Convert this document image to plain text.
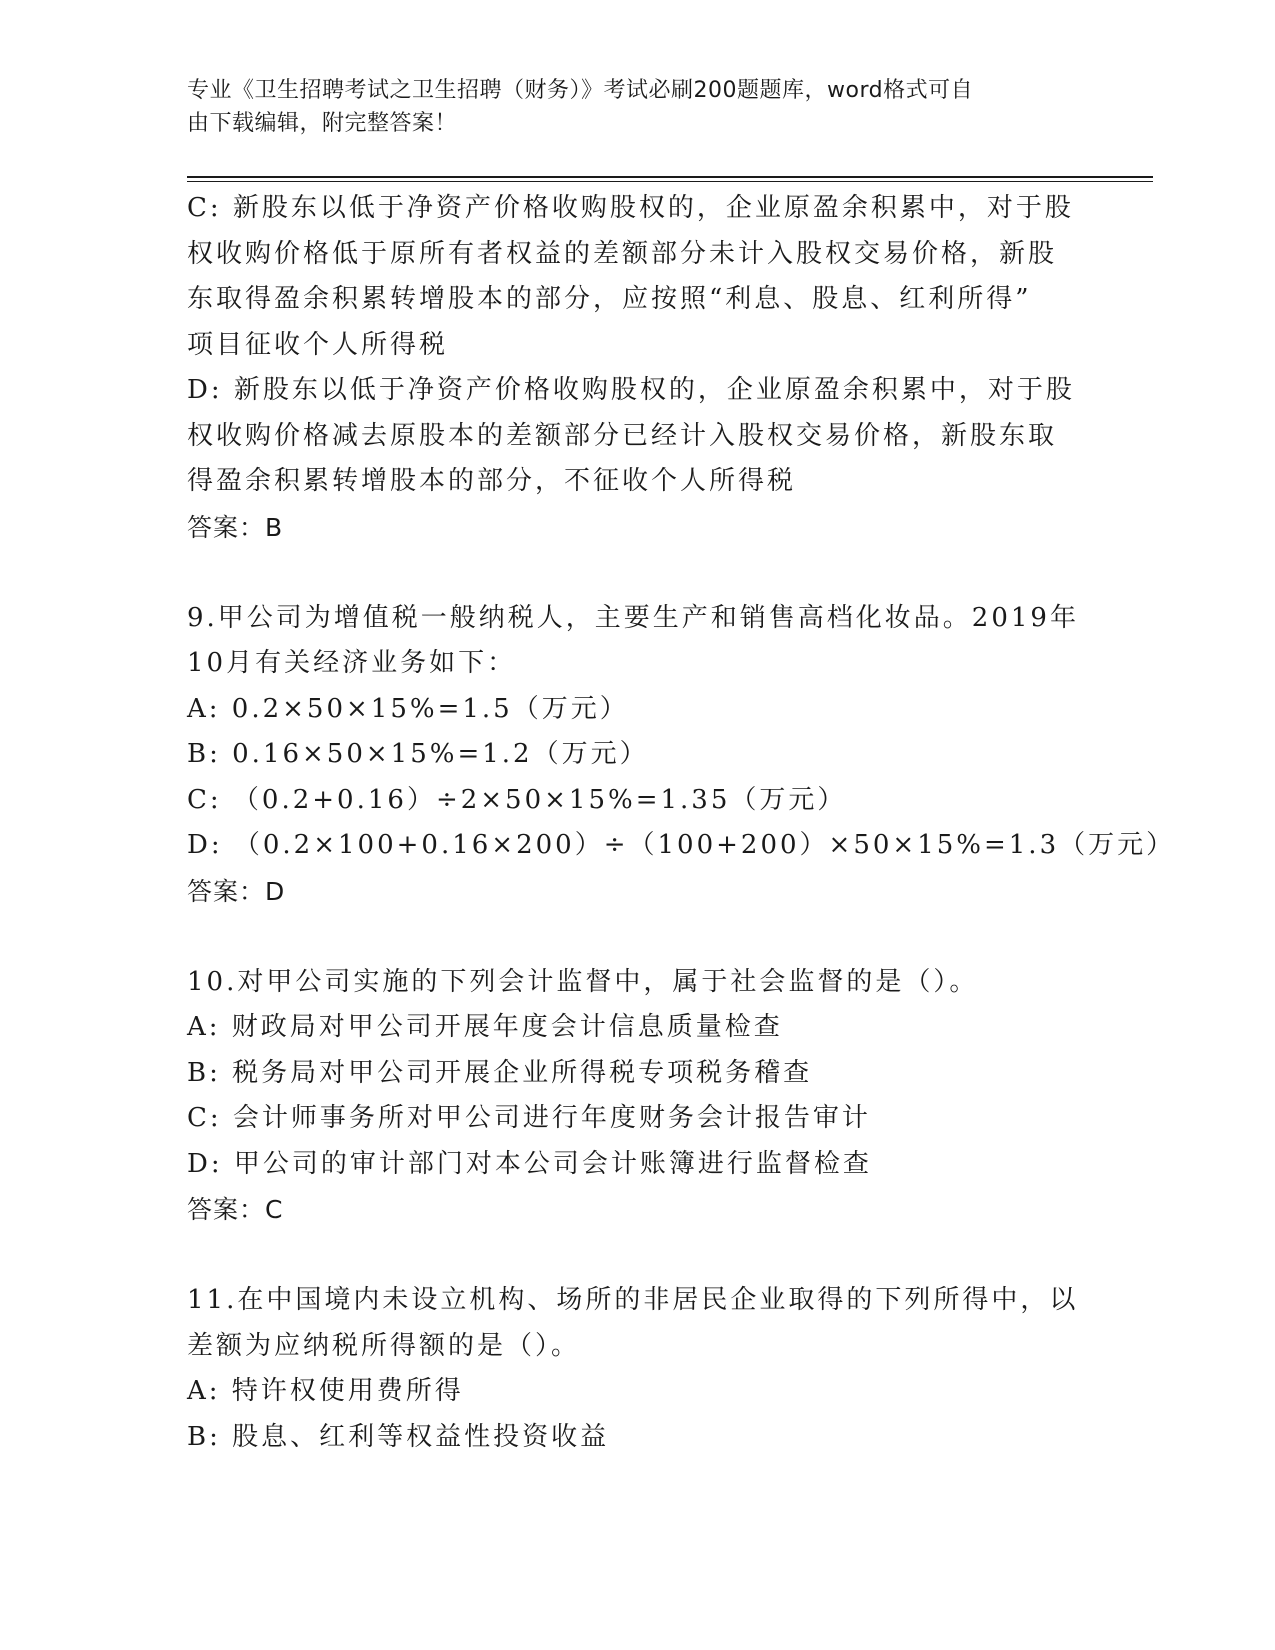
专业《卫生招聘考试之卫生招聘（财务）》考试必刷200题题库，word格式可自
由下载编辑，附完整答案！
C: 新股东以低于净资产价格收购股权的，企业原盈余积累中，对于股
权收购价格低于原所有者权益的差额部分未计入股权交易价格，新股
东取得盈余积累转增股本的部分，应按照“利息、股息、红利所得”
项目征收个人所得税
D: 新股东以低于净资产价格收购股权的，企业原盈余积累中，对于股
权收购价格减去原股本的差额部分已经计入股权交易价格，新股东取
得盈余积累转增股本的部分，不征收个人所得税
答案：B
9.甲公司为增值税一般纳税人，主要生产和销售高档化妆品。2019年
10月有关经济业务如下：
A: 0.2×50×15%=1.5（万元）
B: 0.16×50×15%=1.2（万元）
C: （0.2+0.16）÷2×50×15%=1.35（万元）
D: （0.2×100+0.16×200）÷（100+200）×50×15%=1.3（万元）
答案：D
10.对甲公司实施的下列会计监督中，属于社会监督的是（）。
A: 财政局对甲公司开展年度会计信息质量检查
B: 税务局对甲公司开展企业所得税专项税务稽查
C: 会计师事务所对甲公司进行年度财务会计报告审计
D: 甲公司的审计部门对本公司会计账簿进行监督检查
答案：C
11.在中国境内未设立机构、场所的非居民企业取得的下列所得中，以
差额为应纳税所得额的是（）。
A: 特许权使用费所得
B: 股息、红利等权益性投资收益
